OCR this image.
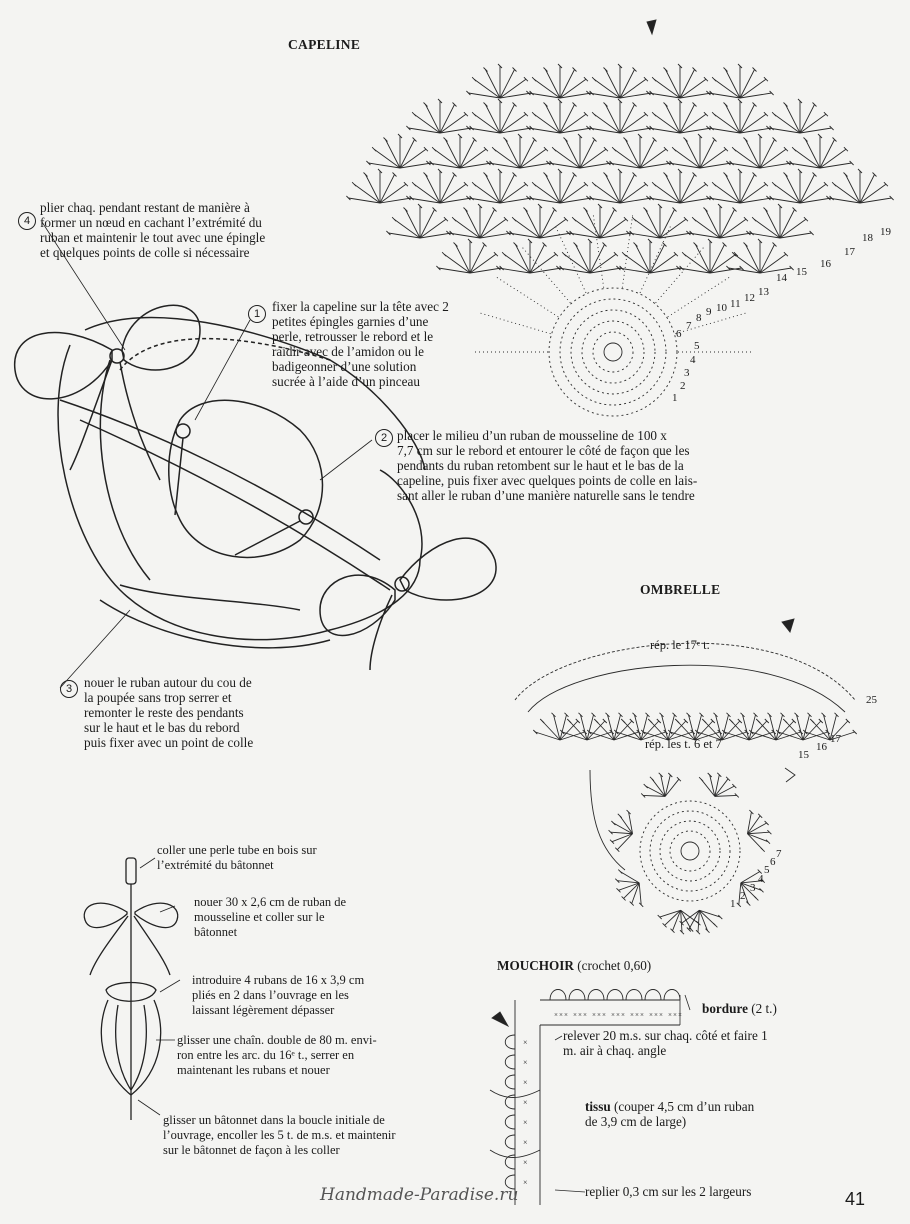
× × × × × × × × × × × × × × × × × × × × ×
×
×
×
×
×
×
×
×
CAPELINE
1
2
3
4
5
6
7
8 9 10 11 12 13
14 15
16
17
18 19
4
plier chaq. pendant restant de manière à
former un nœud en cachant l’extrémité du
ruban et maintenir le tout avec une épingle
et quelques points de colle si nécessaire
1 fixer la capeline sur la tête avec 2
petites épingles garnies d’une
perle, retrousser le rebord et le
raidir avec de l’amidon ou le
badigeonner d’une solution
sucrée à l’aide d’un pinceau
2 placer le milieu d’un ruban de mousseline de 100 x
7,7 cm sur le rebord et entourer le côté de façon que les
pendants du ruban retombent sur le haut et le bas de la
capeline, puis fixer avec quelques points de colle en lais-
sant aller le ruban d’une manière naturelle sans le tendre
3 nouer le ruban autour du cou de
la poupée sans trop serrer et
remonter le reste des pendants
sur le haut et le bas du rebord
puis fixer avec un point de colle
OMBRELLE
rép. le 17ᵉ t.
rép. les t. 6 et 7
25
17
16
15
1
2
3
4
5
6
7
coller une perle tube en bois sur
l’extrémité du bâtonnet
nouer 30 x 2,6 cm de ruban de
mousseline et coller sur le
bâtonnet
introduire 4 rubans de 16 x 3,9 cm
pliés en 2 dans l’ouvrage en les
laissant légèrement dépasser
glisser une chaîn. double de 80 m. envi-
ron entre les arc. du 16ᵉ t., serrer en
maintenant les rubans et nouer
glisser un bâtonnet dans la boucle initiale de
l’ouvrage, encoller les 5 t. de m.s. et maintenir
sur le bâtonnet de façon à les coller
MOUCHOIR (crochet 0,60)
bordure (2 t.)
relever 20 m.s. sur chaq. côté et faire 1
m. air à chaq. angle
tissu (couper 4,5 cm d’un ruban
de 3,9 cm de large)
replier 0,3 cm sur les 2 largeurs
Handmade-Paradise.ru	41
